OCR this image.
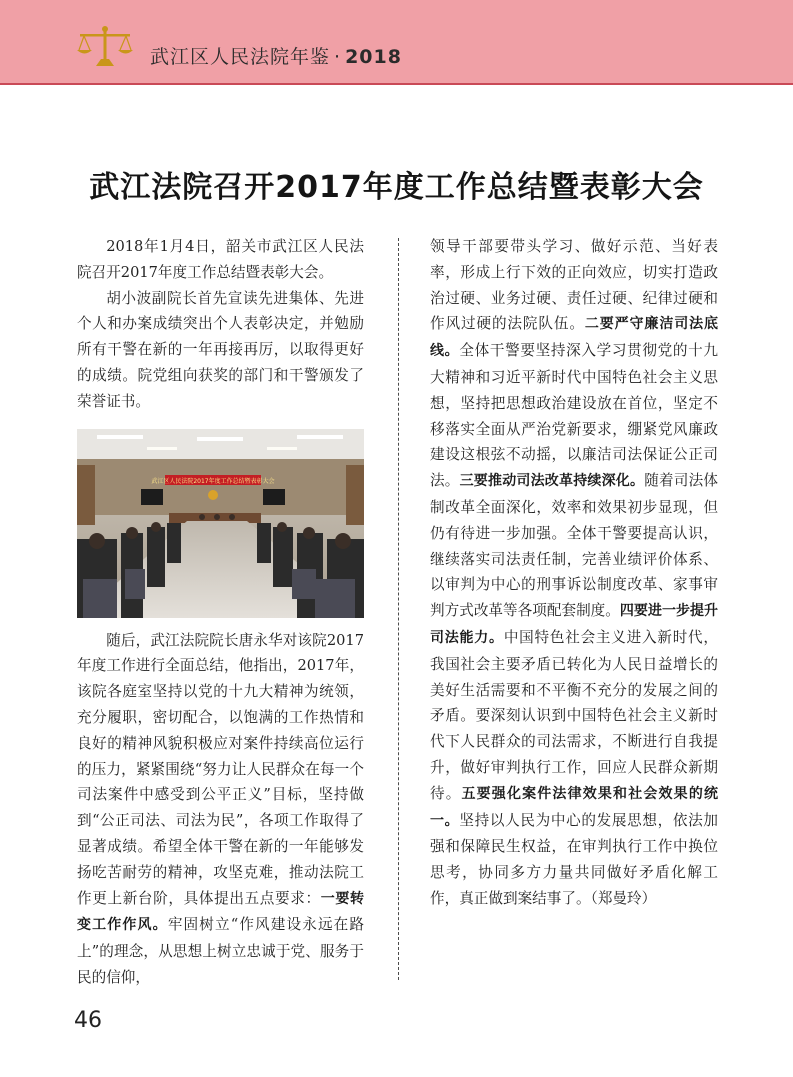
武江区人民法院年鉴 · 2018
武江法院召开2017年度工作总结暨表彰大会

2018年1月4日，韶关市武江区人民法院召开2017年度工作总结暨表彰大会。

胡小波副院长首先宣读先进集体、先进个人和办案成绩突出个人表彰决定，并勉励所有干警在新的一年再接再厉，以取得更好的成绩。院党组向获奖的部门和干警颁发了荣誉证书。

武江区人民法院2017年度工作总结暨表彰大会

随后，武江法院院长唐永华对该院2017年度工作进行全面总结，他指出，2017年，该院各庭室坚持以党的十九大精神为统领，充分履职，密切配合，以饱满的工作热情和良好的精神风貌积极应对案件持续高位运行的压力，紧紧围绕“努力让人民群众在每一个司法案件中感受到公平正义”目标，坚持做到“公正司法、司法为民”，各项工作取得了显著成绩。希望全体干警在新的一年能够发扬吃苦耐劳的精神，攻坚克难，推动法院工作更上新台阶，具体提出五点要求：一要转变工作作风。牢固树立“作风建设永远在路上”的理念，从思想上树立忠诚于党、服务于民的信仰，

领导干部要带头学习、做好示范、当好表率，形成上行下效的正向效应，切实打造政治过硬、业务过硬、责任过硬、纪律过硬和作风过硬的法院队伍。二要严守廉洁司法底线。全体干警要坚持深入学习贯彻党的十九大精神和习近平新时代中国特色社会主义思想，坚持把思想政治建设放在首位，坚定不移落实全面从严治党新要求，绷紧党风廉政建设这根弦不动摇，以廉洁司法保证公正司法。三要推动司法改革持续深化。随着司法体制改革全面深化，效率和效果初步显现，但仍有待进一步加强。全体干警要提高认识，继续落实司法责任制，完善业绩评价体系、以审判为中心的刑事诉讼制度改革、家事审判方式改革等各项配套制度。四要进一步提升司法能力。中国特色社会主义进入新时代，我国社会主要矛盾已转化为人民日益增长的美好生活需要和不平衡不充分的发展之间的矛盾。要深刻认识到中国特色社会主义新时代下人民群众的司法需求，不断进行自我提升，做好审判执行工作，回应人民群众新期待。五要强化案件法律效果和社会效果的统一。坚持以人民为中心的发展思想，依法加强和保障民生权益，在审判执行工作中换位思考，协同多方力量共同做好矛盾化解工作，真正做到案结事了。（郑曼玲）

46
